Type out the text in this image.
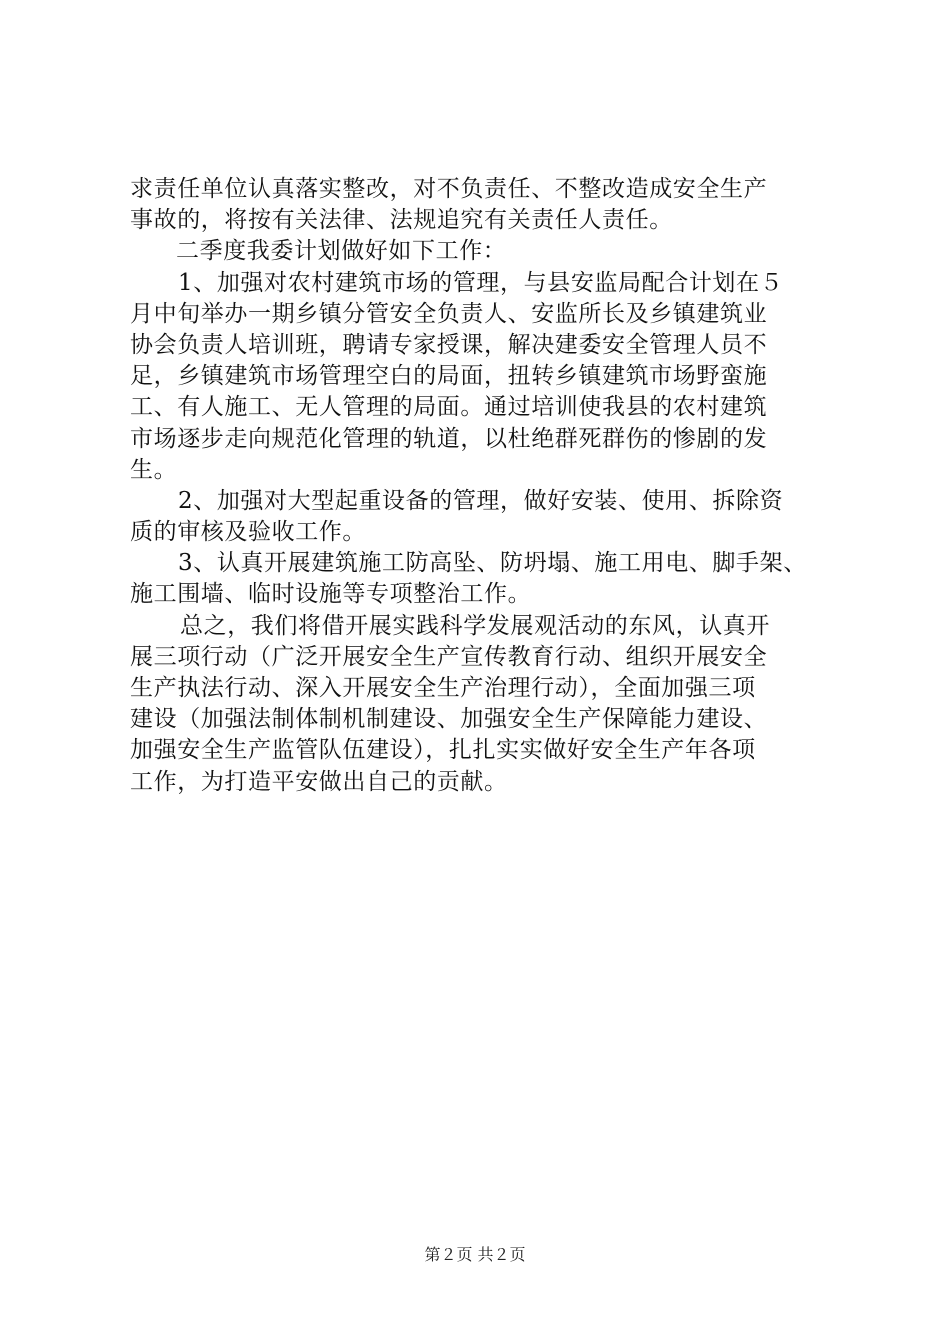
求责任单位认真落实整改，对不负责任、不整改造成安全生产
事故的，将按有关法律、法规追究有关责任人责任。
二季度我委计划做好如下工作：
1、加强对农村建筑市场的管理，与县安监局配合计划在５
月中旬举办一期乡镇分管安全负责人、安监所长及乡镇建筑业
协会负责人培训班，聘请专家授课，解决建委安全管理人员不
足，乡镇建筑市场管理空白的局面，扭转乡镇建筑市场野蛮施
工、有人施工、无人管理的局面。通过培训使我县的农村建筑
市场逐步走向规范化管理的轨道，以杜绝群死群伤的惨剧的发
生。
2、加强对大型起重设备的管理，做好安装、使用、拆除资
质的审核及验收工作。
3、认真开展建筑施工防高坠、防坍塌、施工用电、脚手架、
施工围墙、临时设施等专项整治工作。
总之，我们将借开展实践科学发展观活动的东风，认真开
展三项行动（广泛开展安全生产宣传教育行动、组织开展安全
生产执法行动、深入开展安全生产治理行动），全面加强三项
建设（加强法制体制机制建设、加强安全生产保障能力建设、
加强安全生产监管队伍建设），扎扎实实做好安全生产年各项
工作，为打造平安做出自己的贡献。
第２页 共２页
